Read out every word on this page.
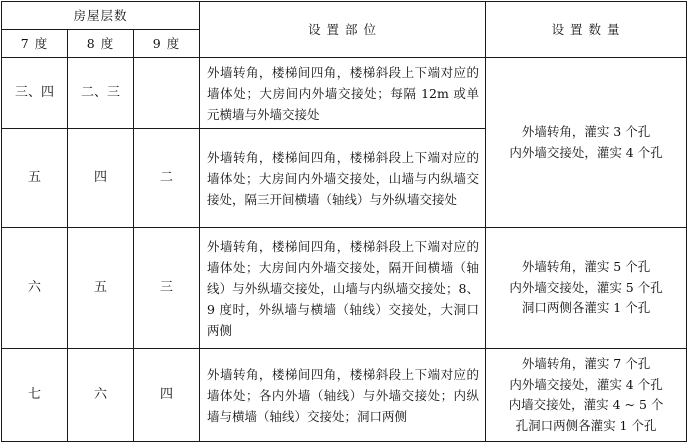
房屋层数			设 置 部 位	设 置 数 量
7 度	8 度	9 度		
三、四	二、三		外墙转角，楼梯间四角，楼梯斜段上下端对应的墙体处；大房间内外墙交接处；每隔 12m 或单元横墙与外墙交接处	外墙转角，灌实 3 个孔
内外墙交接处，灌实 4 个孔

五	四	二	外墙转角，楼梯间四角，楼梯斜段上下端对应的墙体处；大房间内外墙交接处，山墙与内纵墙交接处，隔三开间横墙（轴线）与外纵墙交接处	
六	五	三	外墙转角，楼梯间四角，楼梯斜段上下端对应的墙体处；大房间内外墙交接处，隔开间横墙（轴线）与外纵墙交接处，山墙与内纵墙交接处；8、9 度时，外纵墙与横墙（轴线）交接处，大洞口两侧	外墙转角，灌实 5 个孔
内外墙交接处，灌实 5 个孔
洞口两侧各灌实 1 个孔

七	六	四	外墙转角，楼梯间四角，楼梯斜段上下端对应的墙体处；各内外墙（轴线）与外墙交接处；内纵墙与横墙（轴线）交接处；洞口两侧	外墙转角，灌实 7 个孔
内外墙交接处，灌实 4 个孔
内墙交接处，灌实 4 ~ 5 个
孔洞口两侧各灌实 1 个孔
